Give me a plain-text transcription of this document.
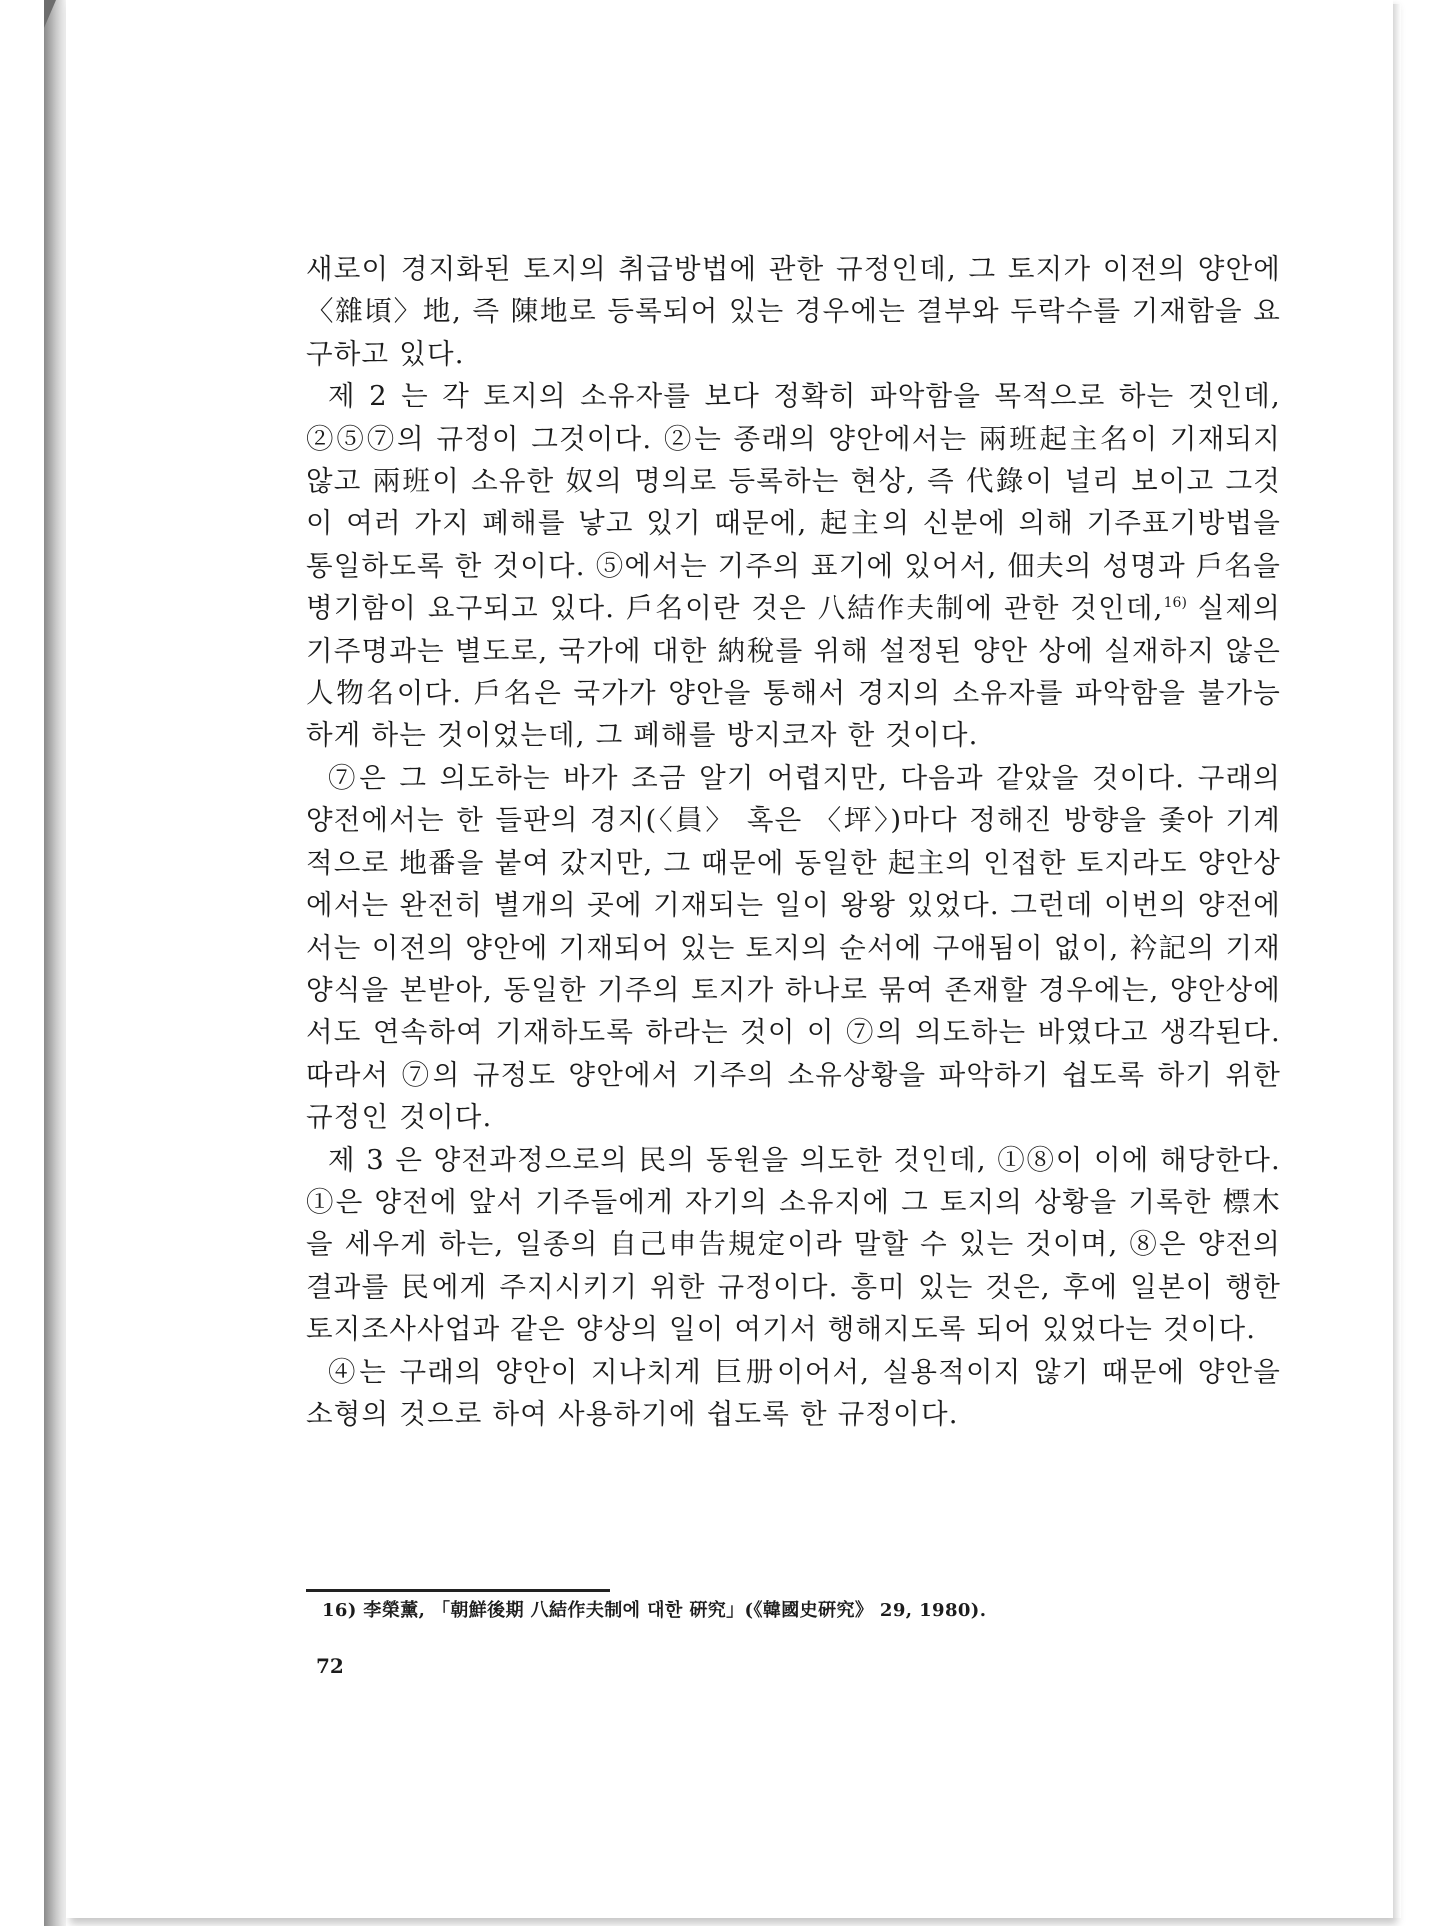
새로이 경지화된 토지의 취급방법에 관한 규정인데, 그 토지가 이전의 양안에 〈雜頃〉地, 즉 陳地로 등록되어 있는 경우에는 결부와 두락수를 기재함을 요구하고 있다.

제 2 는 각 토지의 소유자를 보다 정확히 파악함을 목적으로 하는 것인데, ②⑤⑦의 규정이 그것이다. ②는 종래의 양안에서는 兩班起主名이 기재되지 않고 兩班이 소유한 奴의 명의로 등록하는 현상, 즉 代錄이 널리 보이고 그것이 여러 가지 폐해를 낳고 있기 때문에, 起主의 신분에 의해 기주표기방법을 통일하도록 한 것이다. ⑤에서는 기주의 표기에 있어서, 佃夫의 성명과 戶名을 병기함이 요구되고 있다. 戶名이란 것은 八結作夫制에 관한 것인데,$^{16)}$ 실제의 기주명과는 별도로, 국가에 대한 納稅를 위해 설정된 양안 상에 실재하지 않은 人物名이다. 戶名은 국가가 양안을 통해서 경지의 소유자를 파악함을 불가능하게 하는 것이었는데, 그 폐해를 방지코자 한 것이다.

⑦은 그 의도하는 바가 조금 알기 어렵지만, 다음과 같았을 것이다. 구래의 양전에서는 한 들판의 경지(〈員〉 혹은 〈坪〉)마다 정해진 방향을 좇아 기계적으로 地番을 붙여 갔지만, 그 때문에 동일한 起主의 인접한 토지라도 양안상에서는 완전히 별개의 곳에 기재되는 일이 왕왕 있었다. 그런데 이번의 양전에서는 이전의 양안에 기재되어 있는 토지의 순서에 구애됨이 없이, 衿記의 기재양식을 본받아, 동일한 기주의 토지가 하나로 묶여 존재할 경우에는, 양안상에서도 연속하여 기재하도록 하라는 것이 이 ⑦의 의도하는 바였다고 생각된다. 따라서 ⑦의 규정도 양안에서 기주의 소유상황을 파악하기 쉽도록 하기 위한 규정인 것이다.

제 3 은 양전과정으로의 民의 동원을 의도한 것인데, ①⑧이 이에 해당한다. ①은 양전에 앞서 기주들에게 자기의 소유지에 그 토지의 상황을 기록한 標木을 세우게 하는, 일종의 自己申告規定이라 말할 수 있는 것이며, ⑧은 양전의 결과를 民에게 주지시키기 위한 규정이다. 흥미 있는 것은, 후에 일본이 행한 토지조사사업과 같은 양상의 일이 여기서 행해지도록 되어 있었다는 것이다.

④는 구래의 양안이 지나치게 巨册이어서, 실용적이지 않기 때문에 양안을 소형의 것으로 하여 사용하기에 쉽도록 한 규정이다.

16) 李榮薰, 「朝鮮後期 八結作夫制에 대한 硏究」(《韓國史硏究》 29, 1980).
72
